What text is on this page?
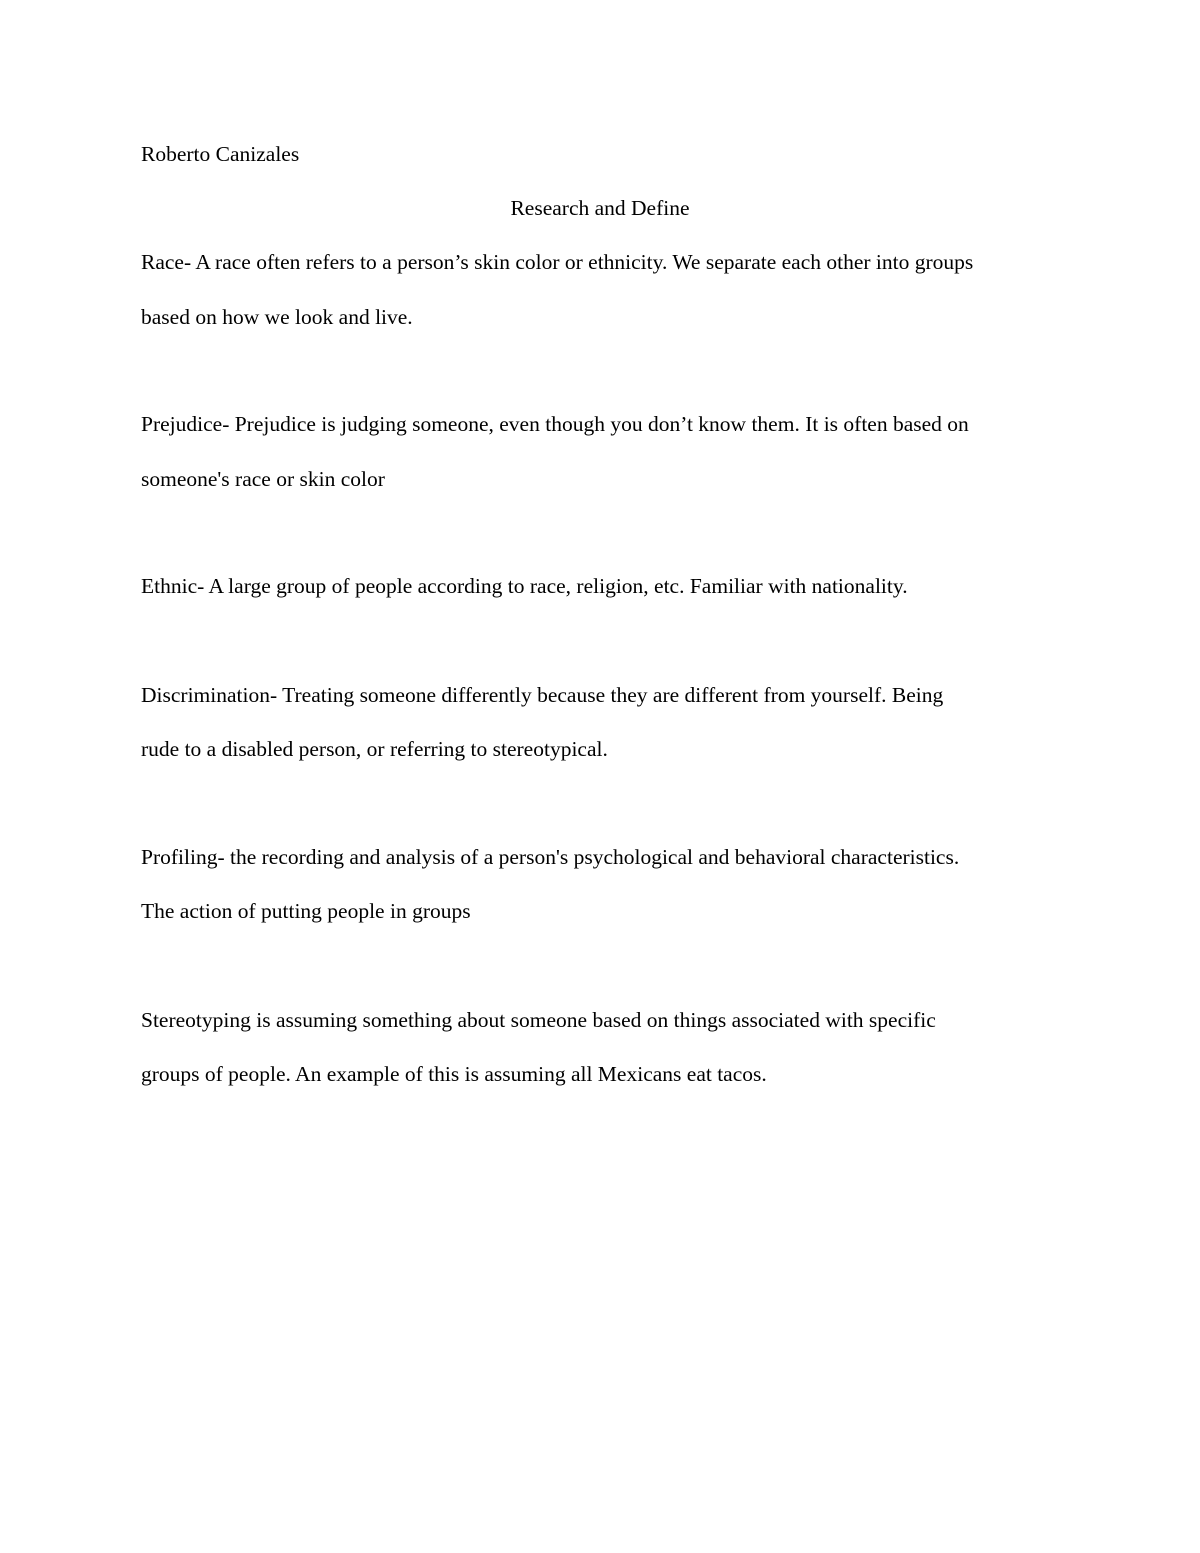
Roberto Canizales

Research and Define

Race- A race often refers to a person’s skin color or ethnicity. We separate each other into groups

based on how we look and live.

Prejudice- Prejudice is judging someone, even though you don’t know them. It is often based on

someone's race or skin color

Ethnic- A large group of people according to race, religion, etc. Familiar with nationality.

Discrimination- Treating someone differently because they are different from yourself. Being

rude to a disabled person, or referring to stereotypical.

Profiling- the recording and analysis of a person's psychological and behavioral characteristics.

The action of putting people in groups

Stereotyping is assuming something about someone based on things associated with specific

groups of people. An example of this is assuming all Mexicans eat tacos.
